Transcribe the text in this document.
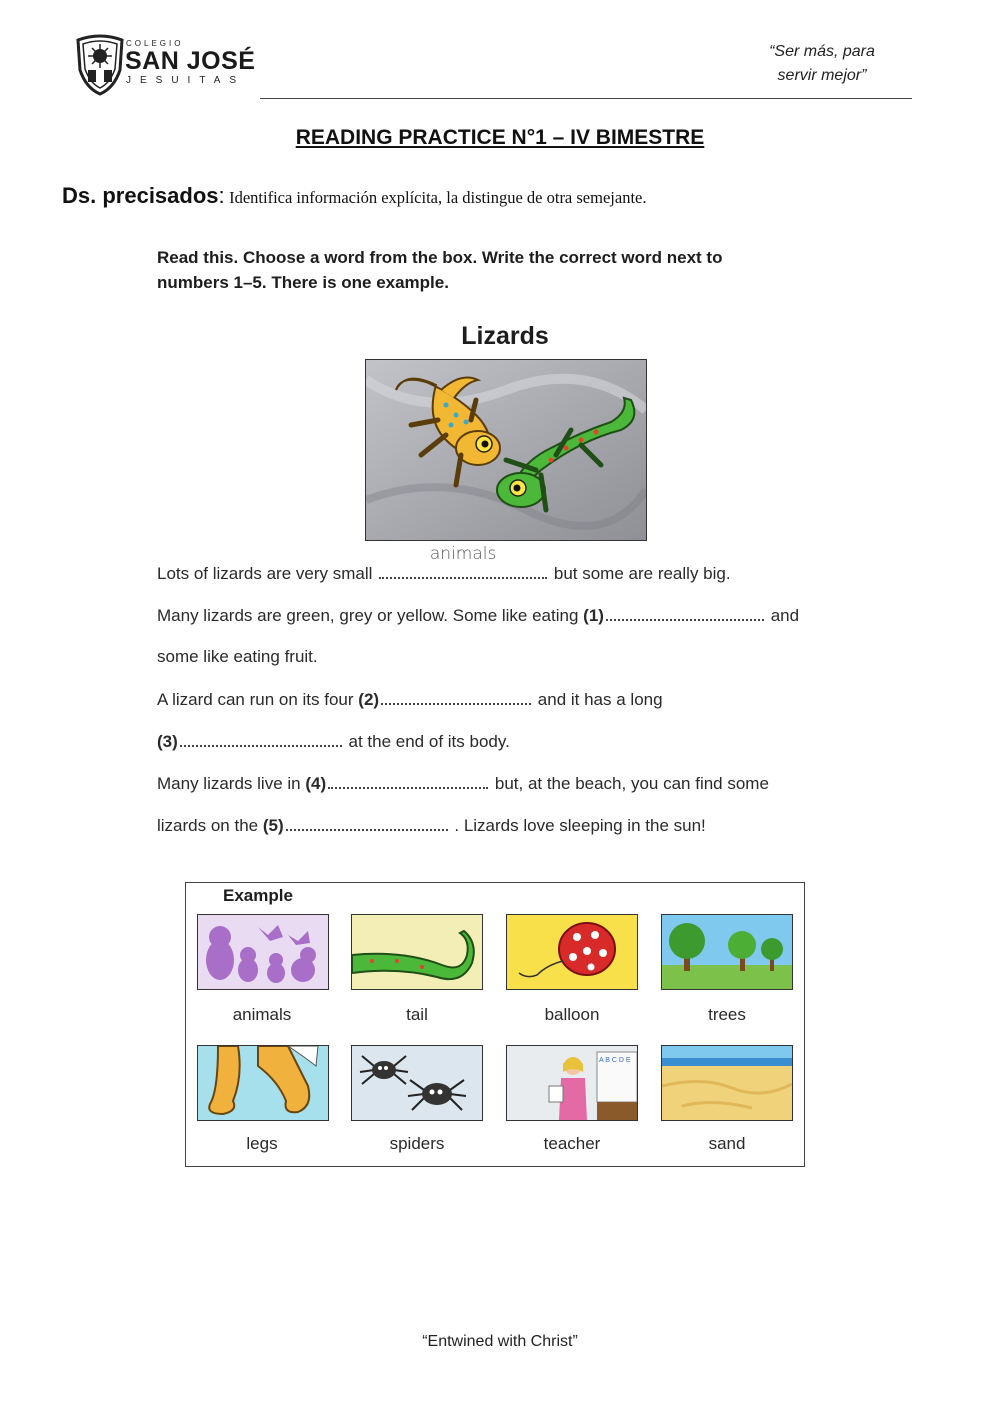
COLEGIO
SAN JOSÉ
JESUITAS
“Ser más, para
servir mejor”
READING PRACTICE N°1 – IV BIMESTRE
Ds. precisados: Identifica información explícita, la distingue de otra semejante.
Read this. Choose a word from the box. Write the correct word next to
numbers 1–5. There is one example.
Lizards
Lots of lizards are very small
animals
but some are really big.
Many lizards are green, grey or yellow. Some like eating (1)	and
some like eating fruit.
A lizard can run on its four (2)	and it has a long
(3)	at the end of its body.
Many lizards live in (4)	but, at the beach, you can find some
lizards on the (5)	. Lizards love sleeping in the sun!
Example
animals	tail	balloon	trees
A B C D E
legs	spiders	teacher	sand
“Entwined with Christ”
